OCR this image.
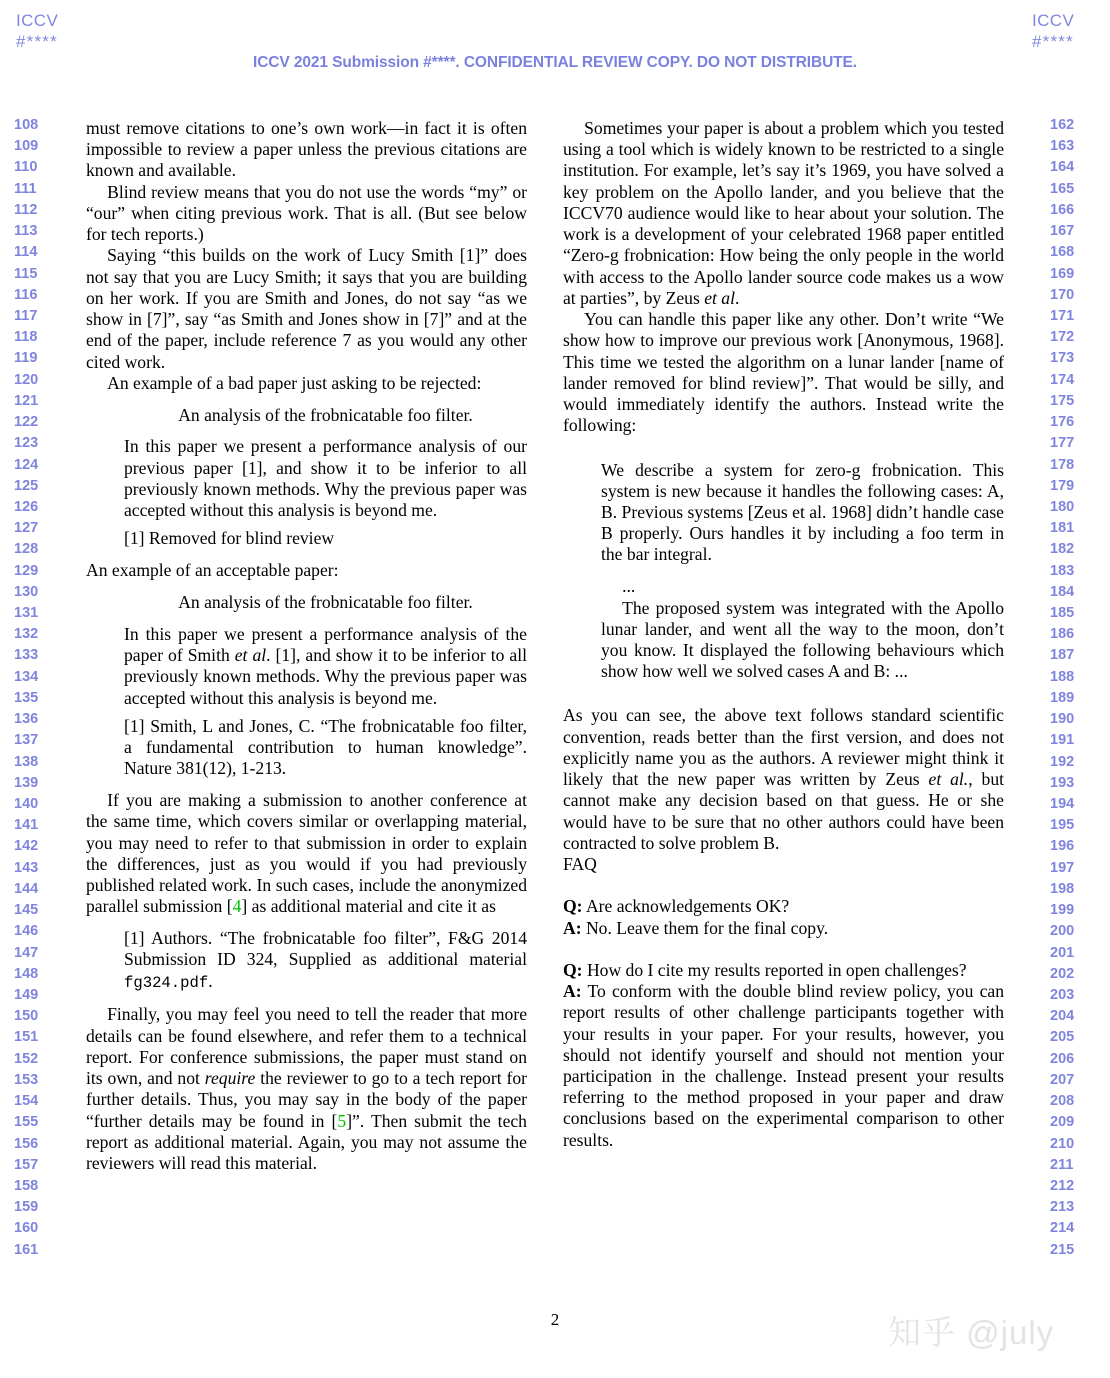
ICCV
#****
ICCV
#****
ICCV 2021 Submission #****. CONFIDENTIAL REVIEW COPY. DO NOT DISTRIBUTE.
108
109
110
111
112
113
114
115
116
117
118
119
120
121
122
123
124
125
126
127
128
129
130
131
132
133
134
135
136
137
138
139
140
141
142
143
144
145
146
147
148
149
150
151
152
153
154
155
156
157
158
159
160
161
162
163
164
165
166
167
168
169
170
171
172
173
174
175
176
177
178
179
180
181
182
183
184
185
186
187
188
189
190
191
192
193
194
195
196
197
198
199
200
201
202
203
204
205
206
207
208
209
210
211
212
213
214
215

must remove citations to one’s own work—in fact it is often impossible to review a paper unless the previous citations are known and available.

Blind review means that you do not use the words “my” or “our” when citing previous work. That is all. (But see below for tech reports.)

Saying “this builds on the work of Lucy Smith [1]” does not say that you are Lucy Smith; it says that you are building on her work. If you are Smith and Jones, do not say “as we show in [7]”, say “as Smith and Jones show in [7]” and at the end of the paper, include reference 7 as you would any other cited work.

An example of a bad paper just asking to be rejected:

An analysis of the frobnicatable foo filter.

In this paper we present a performance analysis of our previous paper [1], and show it to be inferior to all previously known methods. Why the previous paper was accepted without this analysis is beyond me.

[1] Removed for blind review

An example of an acceptable paper:

An analysis of the frobnicatable foo filter.

In this paper we present a performance analysis of the paper of Smith et al. [1], and show it to be inferior to all previously known methods. Why the previous paper was accepted without this analysis is beyond me.

[1] Smith, L and Jones, C. “The frobnicatable foo filter, a fundamental contribution to human knowledge”. Nature 381(12), 1-213.

If you are making a submission to another conference at the same time, which covers similar or overlapping material, you may need to refer to that submission in order to explain the differences, just as you would if you had previously published related work. In such cases, include the anonymized parallel submission [4] as additional material and cite it as

[1] Authors. “The frobnicatable foo filter”, F&G 2014 Submission ID 324, Supplied as additional material fg324.pdf.

Finally, you may feel you need to tell the reader that more details can be found elsewhere, and refer them to a technical report. For conference submissions, the paper must stand on its own, and not require the reviewer to go to a tech report for further details. Thus, you may say in the body of the paper “further details may be found in [5]”. Then submit the tech report as additional material. Again, you may not assume the reviewers will read this material.

Sometimes your paper is about a problem which you tested using a tool which is widely known to be restricted to a single institution. For example, let’s say it’s 1969, you have solved a key problem on the Apollo lander, and you believe that the ICCV70 audience would like to hear about your solution. The work is a development of your celebrated 1968 paper entitled “Zero-g frobnication: How being the only people in the world with access to the Apollo lander source code makes us a wow at parties”, by Zeus et al.

You can handle this paper like any other. Don’t write “We show how to improve our previous work [Anonymous, 1968]. This time we tested the algorithm on a lunar lander [name of lander removed for blind review]”. That would be silly, and would immediately identify the authors. Instead write the following:

We describe a system for zero-g frobnication. This system is new because it handles the following cases: A, B. Previous systems [Zeus et al. 1968] didn’t handle case B properly. Ours handles it by including a foo term in the bar integral.

...

The proposed system was integrated with the Apollo lunar lander, and went all the way to the moon, don’t you know. It displayed the following behaviours which show how well we solved cases A and B: ...

As you can see, the above text follows standard scientific convention, reads better than the first version, and does not explicitly name you as the authors. A reviewer might think it likely that the new paper was written by Zeus et al., but cannot make any decision based on that guess. He or she would have to be sure that no other authors could have been contracted to solve problem B.

FAQ

Q: Are acknowledgements OK?

A: No. Leave them for the final copy.

Q: How do I cite my results reported in open challenges?

A: To conform with the double blind review policy, you can report results of other challenge participants together with your results in your paper. For your results, however, you should not identify yourself and should not mention your participation in the challenge. Instead present your results referring to the method proposed in your paper and draw conclusions based on the experimental comparison to other results.

2	知乎 @july
